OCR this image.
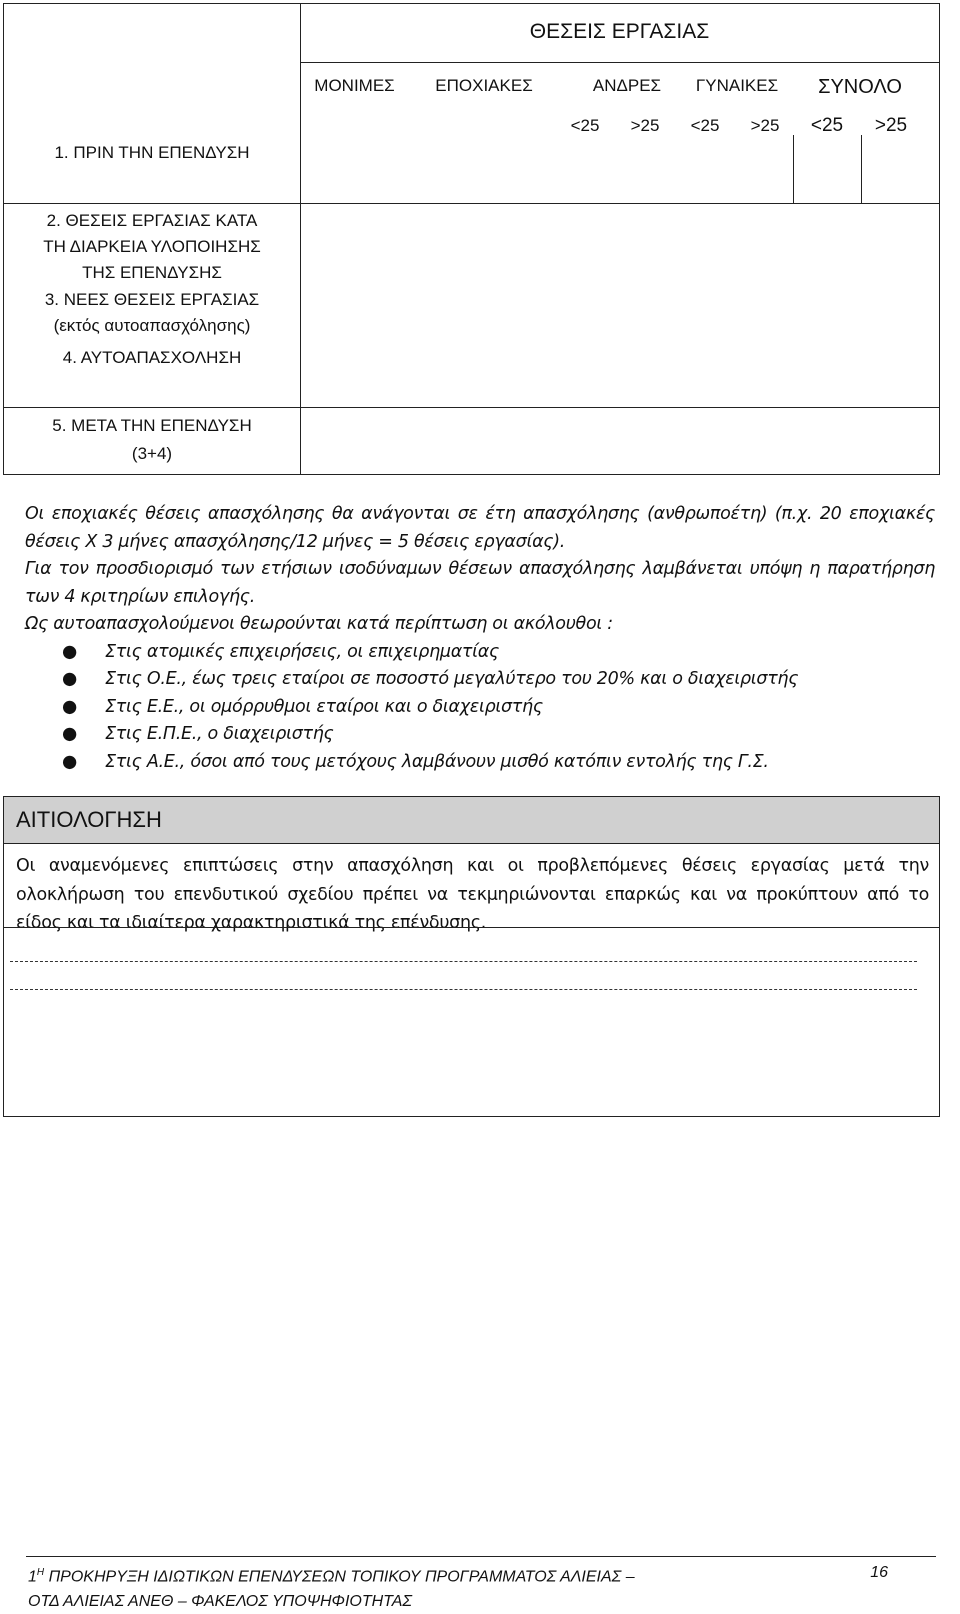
ΘΕΣΕΙΣ ΕΡΓΑΣΙΑΣ
ΜΟΝΙΜΕΣ	ΕΠΟΧΙΑΚΕΣ	ΑΝΔΡΕΣ	ΓΥΝΑΙΚΕΣ	ΣΥΝΟΛΟ
<25	>25	<25	>25	<25	>25
1. ΠΡΙΝ ΤΗΝ ΕΠΕΝΔΥΣΗ
2. ΘΕΣΕΙΣ ΕΡΓΑΣΙΑΣ ΚΑΤΑ
ΤΗ ΔΙΑΡΚΕΙΑ ΥΛΟΠΟΙΗΣΗΣ
ΤΗΣ ΕΠΕΝΔΥΣΗΣ
3. ΝΕΕΣ ΘΕΣΕΙΣ ΕΡΓΑΣΙΑΣ
(εκτός αυτοαπασχόλησης)
4. ΑΥΤΟΑΠΑΣΧΟΛΗΣΗ
5. ΜΕΤΑ ΤΗΝ ΕΠΕΝΔΥΣΗ
(3+4)

Οι εποχιακές θέσεις απασχόλησης θα ανάγονται σε έτη απασχόλησης (ανθρωποέτη) (π.χ. 20 εποχιακές θέσεις Χ 3 μήνες απασχόλησης/12 μήνες = 5 θέσεις εργασίας).

Για τον προσδιορισμό των ετήσιων ισοδύναμων θέσεων απασχόλησης λαμβάνεται υπόψη η παρατήρηση των 4 κριτηρίων επιλογής.

Ως αυτοαπασχολούμενοι θεωρούνται κατά περίπτωση οι ακόλουθοι :

● Στις ατομικές επιχειρήσεις, οι επιχειρηματίας
● Στις Ο.Ε., έως τρεις εταίροι σε ποσοστό μεγαλύτερο του 20% και ο διαχειριστής
● Στις Ε.Ε., οι ομόρρυθμοι εταίροι και ο διαχειριστής
● Στις Ε.Π.Ε., ο διαχειριστής
● Στις Α.Ε., όσοι από τους μετόχους λαμβάνουν μισθό κατόπιν εντολής της Γ.Σ.
ΑΙΤΙΟΛΟΓΗΣΗ
Οι αναμενόμενες επιπτώσεις στην απασχόληση και οι προβλεπόμενες θέσεις εργασίας μετά την ολοκλήρωση του επενδυτικού σχεδίου πρέπει να τεκμηριώνονται επαρκώς και να προκύπτουν από το είδος και τα ιδιαίτερα χαρακτηριστικά της επένδυσης.
$1^H$ ΠΡΟΚΗΡΥΞΗ ΙΔΙΩΤΙΚΩΝ ΕΠΕΝΔΥΣΕΩΝ ΤΟΠΙΚΟΥ ΠΡΟΓΡΑΜΜΑΤΟΣ ΑΛΙΕΙΑΣ –
ΟΤΔ ΑΛΙΕΙΑΣ ΑΝΕΘ – ΦΑΚΕΛΟΣ ΥΠΟΨΗΦΙΟΤΗΤΑΣ
16
